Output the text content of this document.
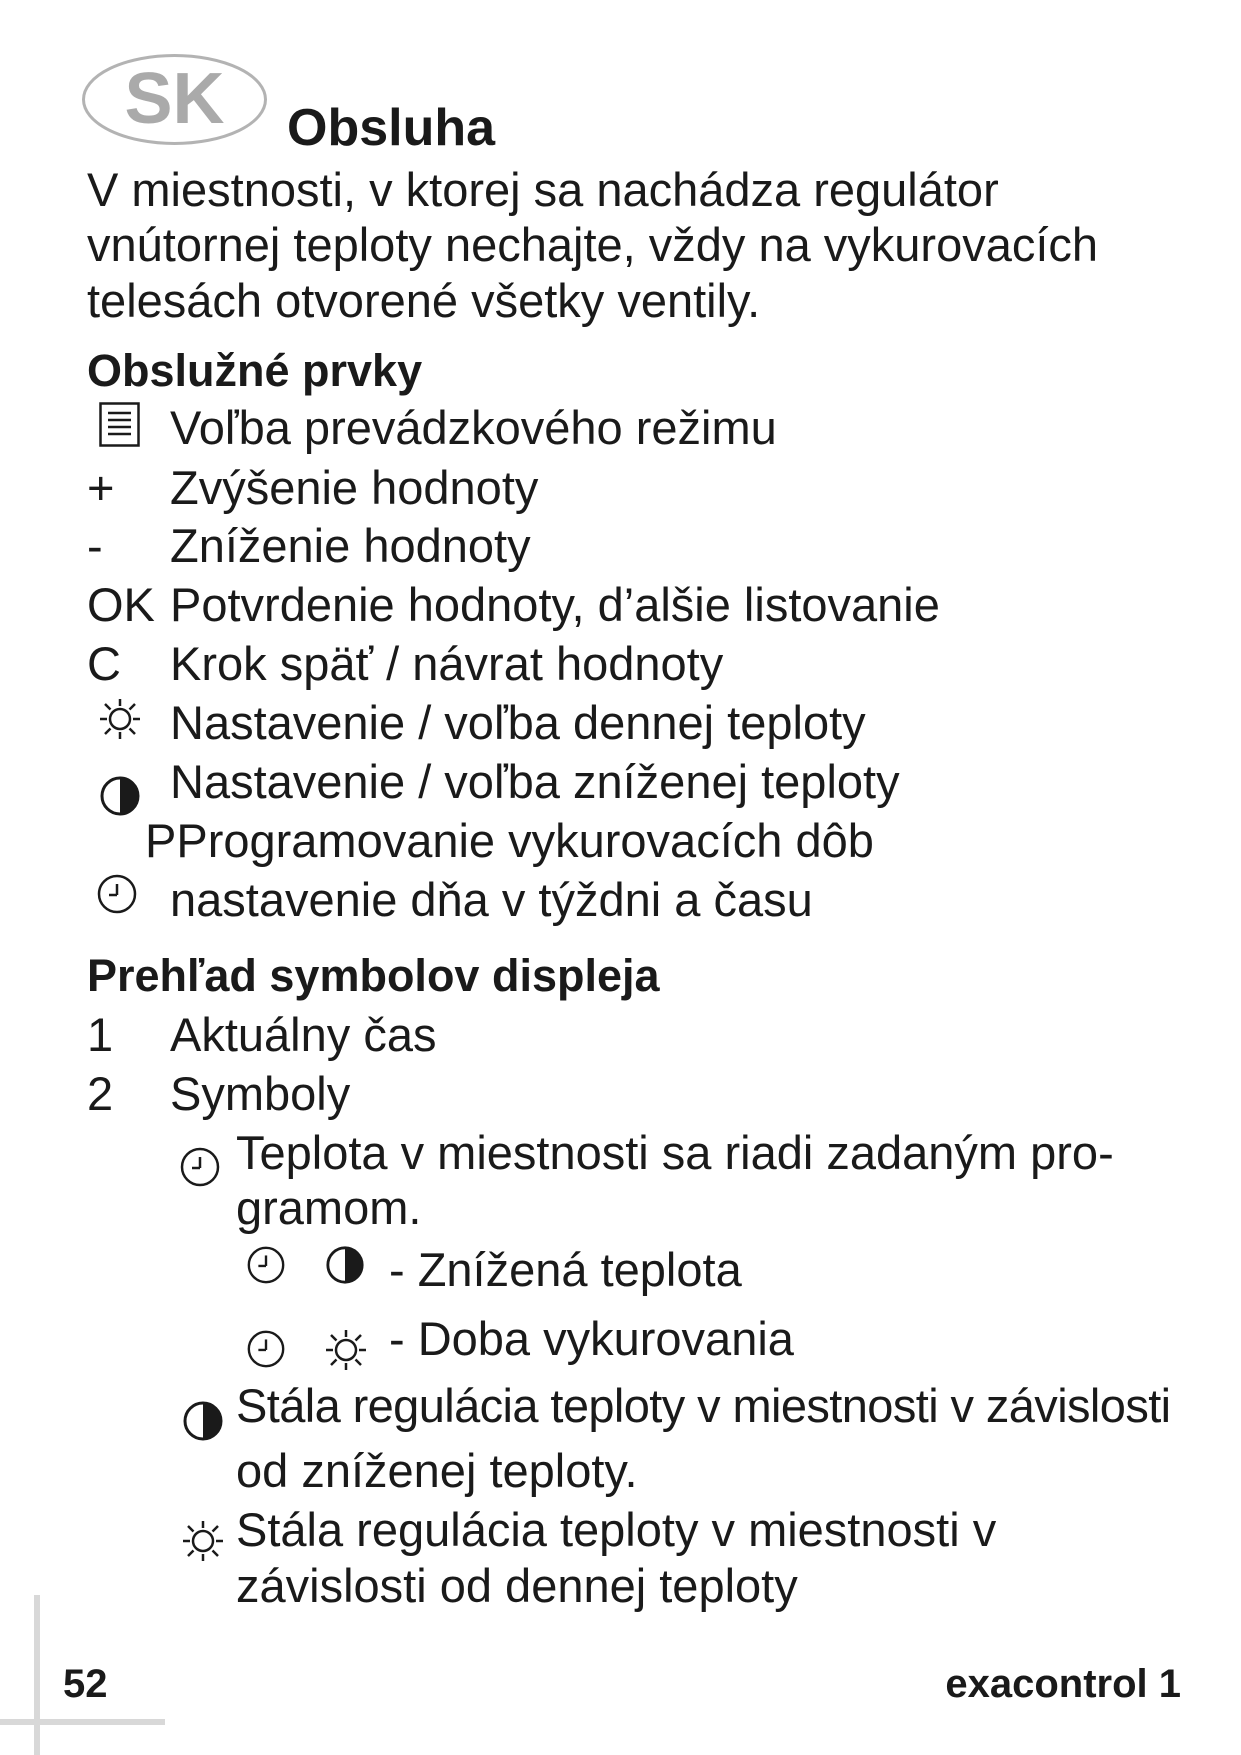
SK	Obsluha
V miestnosti, v ktorej sa nachádza regulátor
vnútornej teploty nechajte, vždy na vykurovacích
telesách otvorené všetky ventily.
Obslužné prvky
Voľba prevádzkového režimu
+ Zvýšenie hodnoty
- Zníženie hodnoty
OK Potvrdenie hodnoty, d’alšie listovanie
C Krok späť / návrat hodnoty
Nastavenie / voľba dennej teploty
Nastavenie / voľba zníženej teploty
PProgramovanie vykurovacích dôb
nastavenie dňa v týždni a času
Prehľad symbolov displeja
1 Aktuálny čas
2 Symboly
Teplota v miestnosti sa riadi zadaným pro-
gramom.
- Znížená teplota
- Doba vykurovania
Stála regulácia teploty v miestnosti v závislosti
od zníženej teploty.
Stála regulácia teploty v miestnosti v
závislosti od dennej teploty
52	exacontrol 1
